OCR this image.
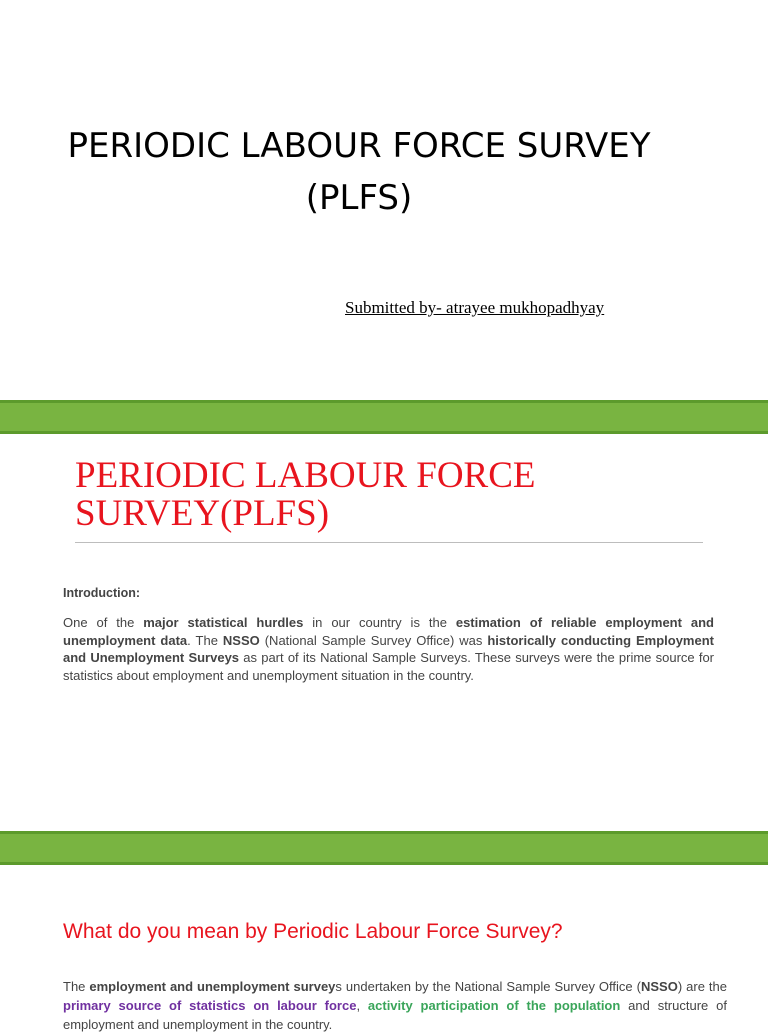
PERIODIC LABOUR FORCE SURVEY
(PLFS)
Submitted by- atrayee mukhopadhyay
PERIODIC LABOUR FORCE
SURVEY(PLFS)
Introduction:

One of the major statistical hurdles in our country is the estimation of reliable employment and unemployment data. The NSSO (National Sample Survey Office) was historically conducting Employment and Unemployment Surveys as part of its National Sample Surveys. These surveys were the prime source for statistics about employment and unemployment situation in the country.

What do you mean by Periodic Labour Force Survey?

The employment and unemployment surveys undertaken by the National Sample Survey Office (NSSO) are the primary source of statistics on labour force, activity participation of the population and structure of employment and unemployment in the country.
